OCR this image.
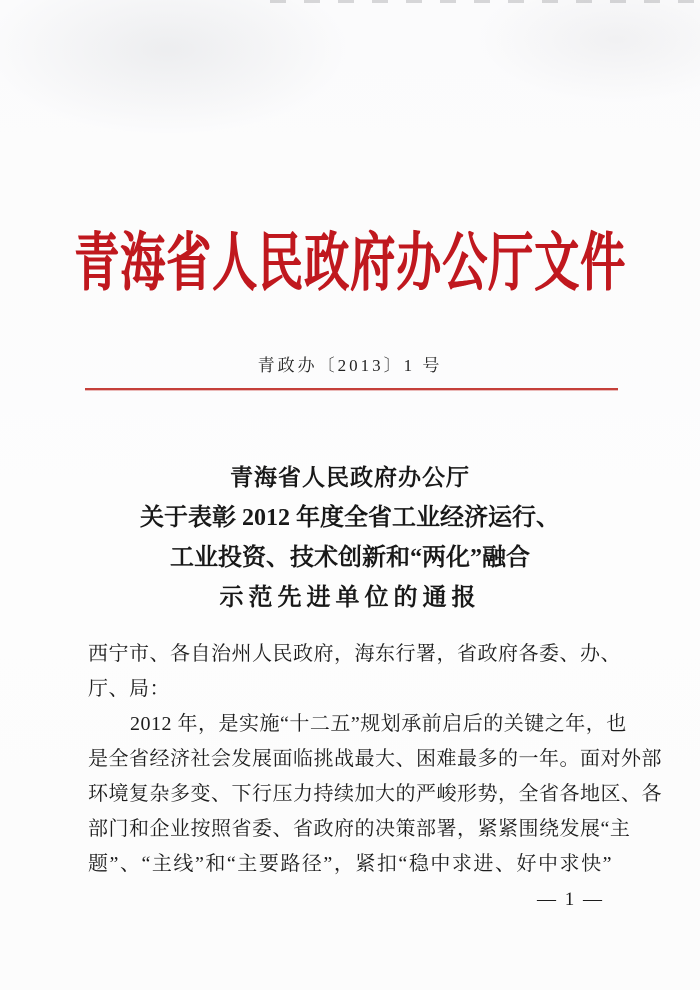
青海省人民政府办公厅文件
青政办〔2013〕1 号
青海省人民政府办公厅
关于表彰 2012 年度全省工业经济运行、
工业投资、技术创新和“两化”融合
示范先进单位的通报
西宁市、各自治州人民政府，海东行署，省政府各委、办、
厅、局：
2012 年，是实施“十二五”规划承前启后的关键之年，也
是全省经济社会发展面临挑战最大、困难最多的一年。面对外部
环境复杂多变、下行压力持续加大的严峻形势，全省各地区、各
部门和企业按照省委、省政府的决策部署，紧紧围绕发展“主
题”、“主线”和“主要路径”，紧扣“稳中求进、好中求快”
— 1 —
